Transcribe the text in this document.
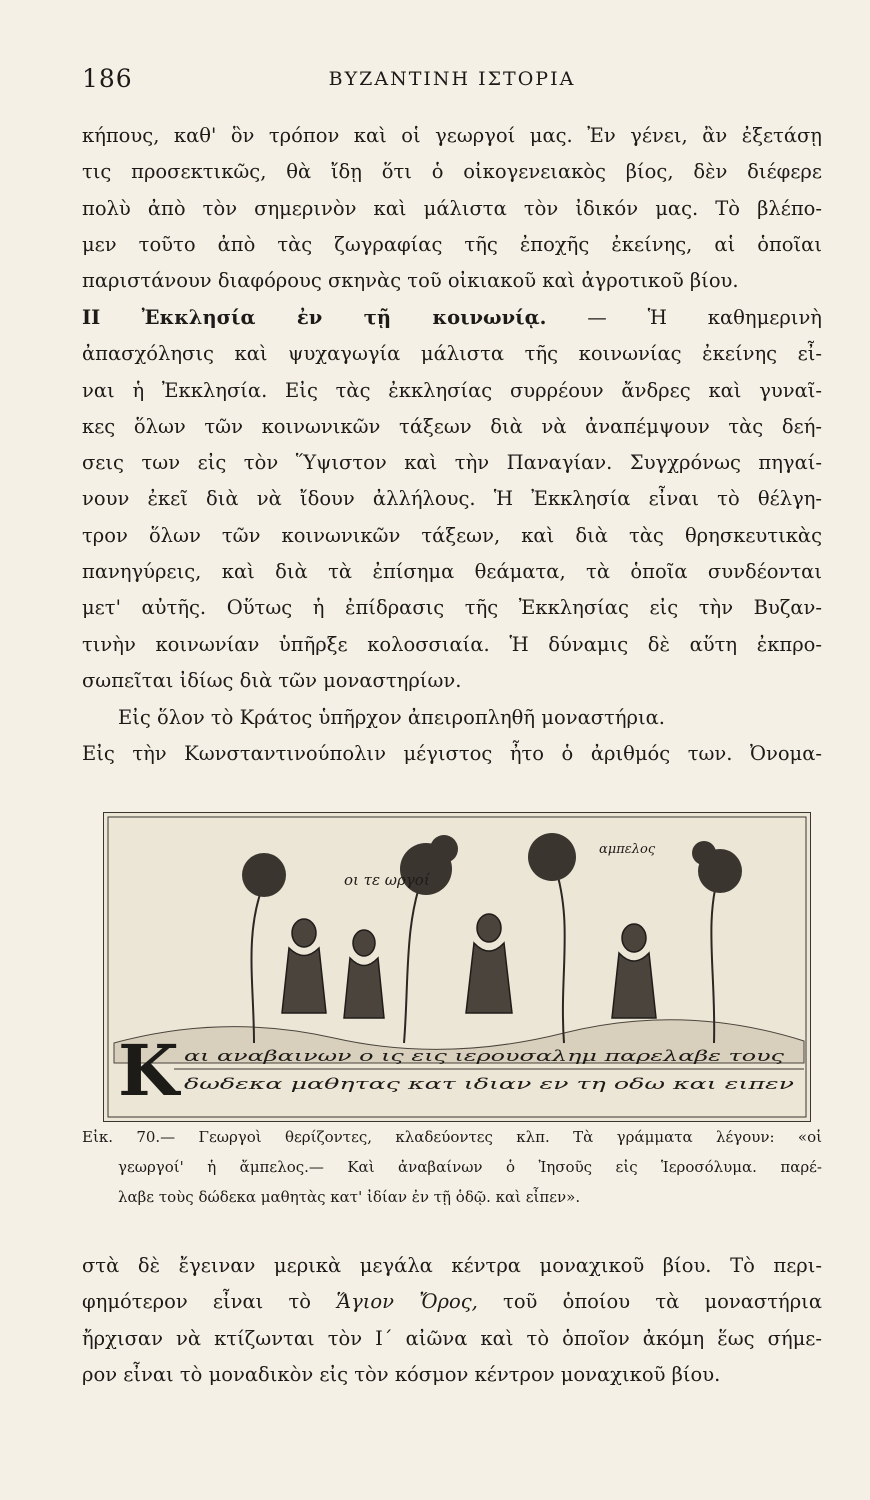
186	ΒΥΖΑΝΤΙΝΗ ΙΣΤΟΡΙΑ
κήπους, καθ' ὃν τρόπον καὶ οἱ γεωργοί μας. Ἐν γένει, ἂν ἐξετάσῃ
τις προσεκτικῶς, θὰ ἴδῃ ὅτι ὁ οἰκογενειακὸς βίος, δὲν διέφερε
πολὺ ἀπὸ τὸν σημερινὸν καὶ μάλιστα τὸν ἰδικόν μας. Τὸ βλέπο-
μεν τοῦτο ἀπὸ τὰς ζωγραφίας τῆς ἐποχῆς ἐκείνης, αἱ ὁποῖαι
παριστάνουν διαφόρους σκηνὰς τοῦ οἰκιακοῦ καὶ ἀγροτικοῦ βίου.
ΙΙ Ἐκκλησία ἐν τῇ κοινωνίᾳ. — Ἡ καθημερινὴ
ἀπασχόλησις καὶ ψυχαγωγία μάλιστα τῆς κοινωνίας ἐκείνης εἶ-
ναι ἡ Ἐκκλησία. Εἰς τὰς ἐκκλησίας συρρέουν ἄνδρες καὶ γυναῖ-
κες ὅλων τῶν κοινωνικῶν τάξεων διὰ νὰ ἀναπέμψουν τὰς δεή-
σεις των εἰς τὸν Ὕψιστον καὶ τὴν Παναγίαν. Συγχρόνως πηγαί-
νουν ἐκεῖ διὰ νὰ ἴδουν ἀλλήλους. Ἡ Ἐκκλησία εἶναι τὸ θέλγη-
τρον ὅλων τῶν κοινωνικῶν τάξεων, καὶ διὰ τὰς θρησκευτικὰς
πανηγύρεις, καὶ διὰ τὰ ἐπίσημα θεάματα, τὰ ὁποῖα συνδέονται
μετ' αὐτῆς. Οὕτως ἡ ἐπίδρασις τῆς Ἐκκλησίας εἰς τὴν Βυζαν-
τινὴν κοινωνίαν ὑπῆρξε κολοσσιαία. Ἡ δύναμις δὲ αὕτη ἐκπρο-
σωπεῖται ἰδίως διὰ τῶν μοναστηρίων.
Εἰς ὅλον τὸ Κράτος ὑπῆρχον ἀπειροπληθῆ μοναστήρια.
Εἰς τὴν Κωνσταντινούπολιν μέγιστος ἦτο ὁ ἀριθμός των. Ὀνομα-
οι τε ωργοί
αμπελος
K αι αναβαινων ο ις εις ιερουσαλημ παρελαβε τους
δωδεκα μαθητας κατ ιδιαν εν τη οδω και ειπεν
Εἰκ. 70.— Γεωργοὶ θερίζοντες, κλαδεύοντες κλπ. Τὰ γράμματα λέγουν: «οἱ
γεωργοί' ἡ ἄμπελος.— Καὶ ἀναβαίνων ὁ Ἰησοῦς εἰς Ἱεροσόλυμα. παρέ-
λαβε τοὺς δώδεκα μαθητὰς κατ' ἰδίαν ἐν τῇ ὁδῷ. καὶ εἶπεν».
στὰ δὲ ἔγειναν μερικὰ μεγάλα κέντρα μοναχικοῦ βίου. Τὸ περι-
φημότερον εἶναι τὸ Ἅγιον Ὄρος, τοῦ ὁποίου τὰ μοναστήρια
ἤρχισαν νὰ κτίζωνται τὸν Ι΄ αἰῶνα καὶ τὸ ὁποῖον ἀκόμη ἕως σήμε-
ρον εἶναι τὸ μοναδικὸν εἰς τὸν κόσμον κέντρον μοναχικοῦ βίου.
